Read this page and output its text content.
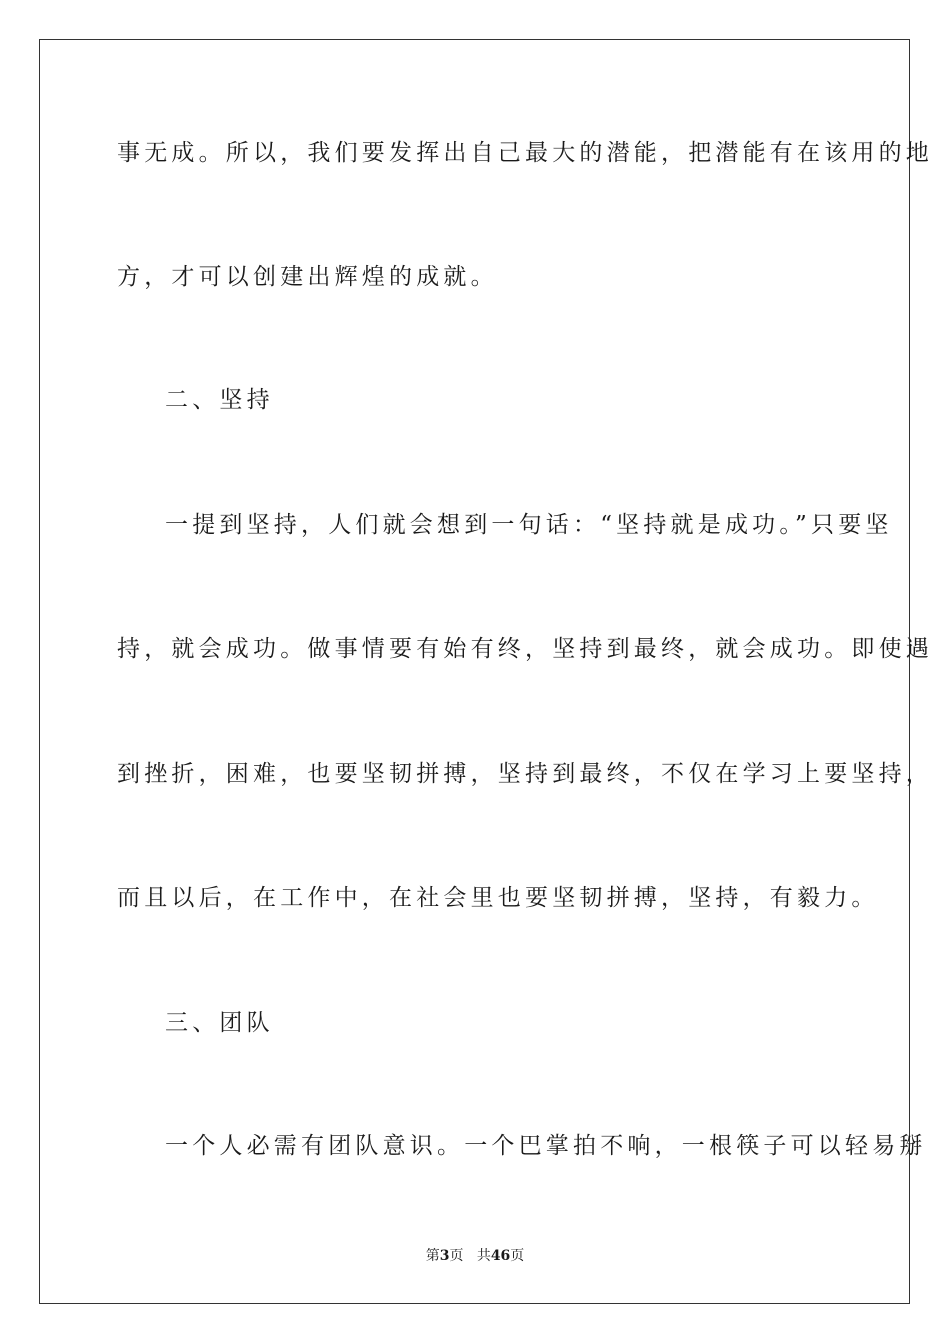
事无成。所以，我们要发挥出自己最大的潜能，把潜能有在该用的地
方，才可以创建出辉煌的成就。
二、坚持
一提到坚持，人们就会想到一句话：“坚持就是成功。”只要坚
持，就会成功。做事情要有始有终，坚持到最终，就会成功。即使遇
到挫折，困难，也要坚韧拼搏，坚持到最终，不仅在学习上要坚持，
而且以后，在工作中，在社会里也要坚韧拼搏，坚持，有毅力。
三、团队
一个人必需有团队意识。一个巴掌拍不响，一根筷子可以轻易掰
第3页 共46页
